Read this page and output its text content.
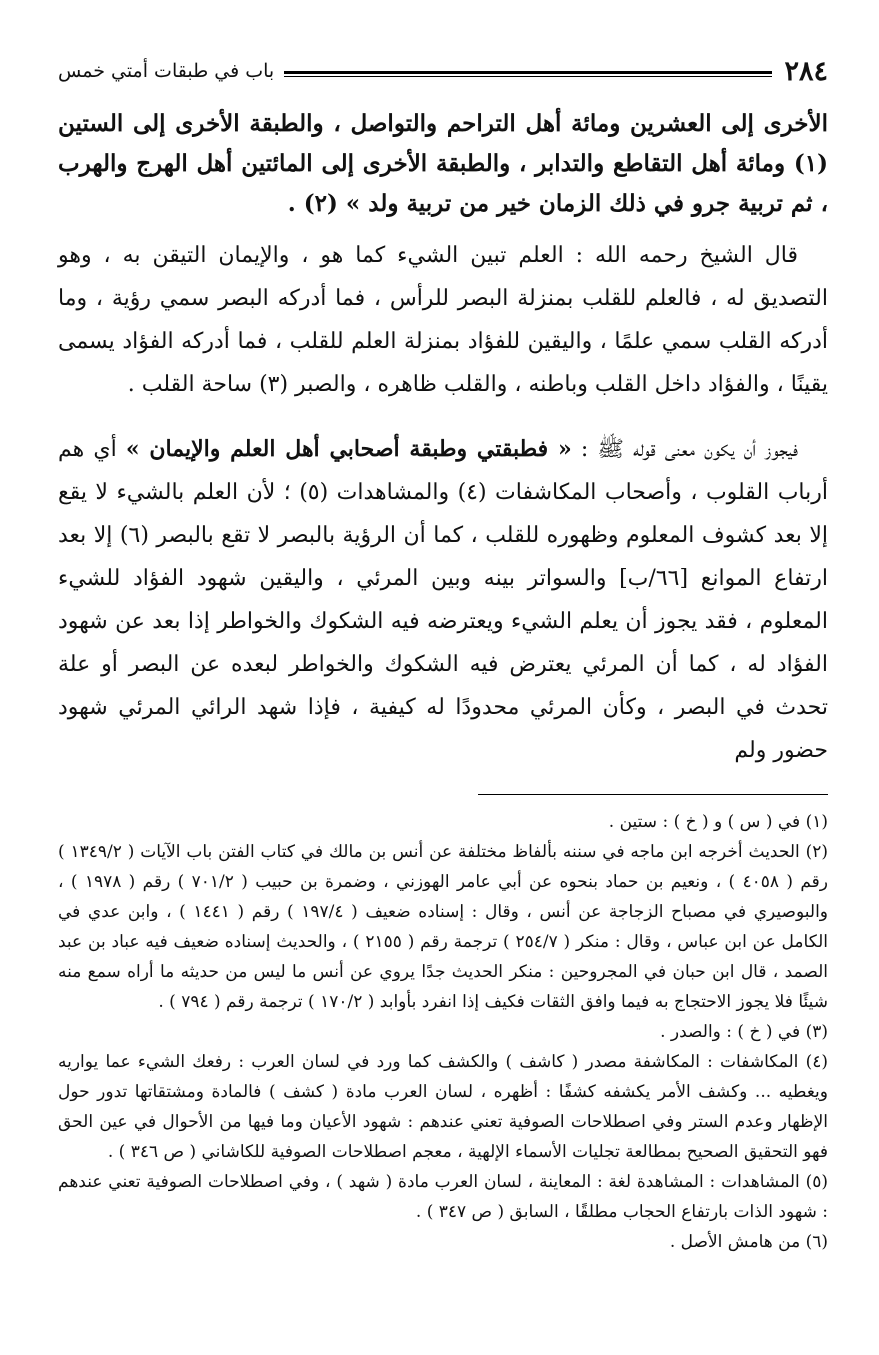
٢٨٤
باب في طبقات أمتي خمس
الأخرى إلى العشرين ومائة أهل التراحم والتواصل ، والطبقة الأخرى إلى الستين (١) ومائة أهل التقاطع والتدابر ، والطبقة الأخرى إلى المائتين أهل الهرج والهرب ، ثم تربية جرو في ذلك الزمان خير من تربية ولد » (٢) .

قال الشيخ رحمه الله : العلم تبين الشيء كما هو ، والإيمان التيقن به ، وهو التصديق له ، فالعلم للقلب بمنزلة البصر للرأس ، فما أدركه البصر سمي رؤية ، وما أدركه القلب سمي علمًا ، واليقين للفؤاد بمنزلة العلم للقلب ، فما أدركه الفؤاد يسمى يقينًا ، والفؤاد داخل القلب وباطنه ، والقلب ظاهره ، والصبر (٣) ساحة القلب .

فيجوز أن يكون معنى قوله ﷺ : « فطبقتي وطبقة أصحابي أهل العلم والإيمان » أي هم أرباب القلوب ، وأصحاب المكاشفات (٤) والمشاهدات (٥) ؛ لأن العلم بالشيء لا يقع إلا بعد كشوف المعلوم وظهوره للقلب ، كما أن الرؤية بالبصر لا تقع بالبصر (٦) إلا بعد ارتفاع الموانع [٦٦/ب] والسواتر بينه وبين المرئي ، واليقين شهود الفؤاد للشيء المعلوم ، فقد يجوز أن يعلم الشيء ويعترضه فيه الشكوك والخواطر إذا بعد عن شهود الفؤاد له ، كما أن المرئي يعترض فيه الشكوك والخواطر لبعده عن البصر أو علة تحدث في البصر ، وكأن المرئي محدودًا له كيفية ، فإذا شهد الرائي المرئي شهود حضور ولم

(١) في ( س ) و ( خ ) : ستين .

(٢) الحديث أخرجه ابن ماجه في سننه بألفاظ مختلفة عن أنس بن مالك في كتاب الفتن باب الآيات ( ١٣٤٩/٢ ) رقم ( ٤٠٥٨ ) ، ونعيم بن حماد بنحوه عن أبي عامر الهوزني ، وضمرة بن حبيب ( ٧٠١/٢ ) رقم ( ١٩٧٨ ) ، والبوصيري في مصباح الزجاجة عن أنس ، وقال : إسناده ضعيف ( ١٩٧/٤ ) رقم ( ١٤٤١ ) ، وابن عدي في الكامل عن ابن عباس ، وقال : منكر ( ٢٥٤/٧ ) ترجمة رقم ( ٢١٥٥ ) ، والحديث إسناده ضعيف فيه عباد بن عبد الصمد ، قال ابن حبان في المجروحين : منكر الحديث جدًا يروي عن أنس ما ليس من حديثه ما أراه سمع منه شيئًا فلا يجوز الاحتجاج به فيما وافق الثقات فكيف إذا انفرد بأوابد ( ١٧٠/٢ ) ترجمة رقم ( ٧٩٤ ) .

(٣) في ( خ ) : والصدر .

(٤) المكاشفات : المكاشفة مصدر ( كاشف ) والكشف كما ورد في لسان العرب : رفعك الشيء عما يواريه ويغطيه ... وكشف الأمر يكشفه كشفًا : أظهره ، لسان العرب مادة ( كشف ) فالمادة ومشتقاتها تدور حول الإظهار وعدم الستر وفي اصطلاحات الصوفية تعني عندهم : شهود الأعيان وما فيها من الأحوال في عين الحق فهو التحقيق الصحيح بمطالعة تجليات الأسماء الإلهية ، معجم اصطلاحات الصوفية للكاشاني ( ص ٣٤٦ ) .

(٥) المشاهدات : المشاهدة لغة : المعاينة ، لسان العرب مادة ( شهد ) ، وفي اصطلاحات الصوفية تعني عندهم : شهود الذات بارتفاع الحجاب مطلقًا ، السابق ( ص ٣٤٧ ) .

(٦) من هامش الأصل .
